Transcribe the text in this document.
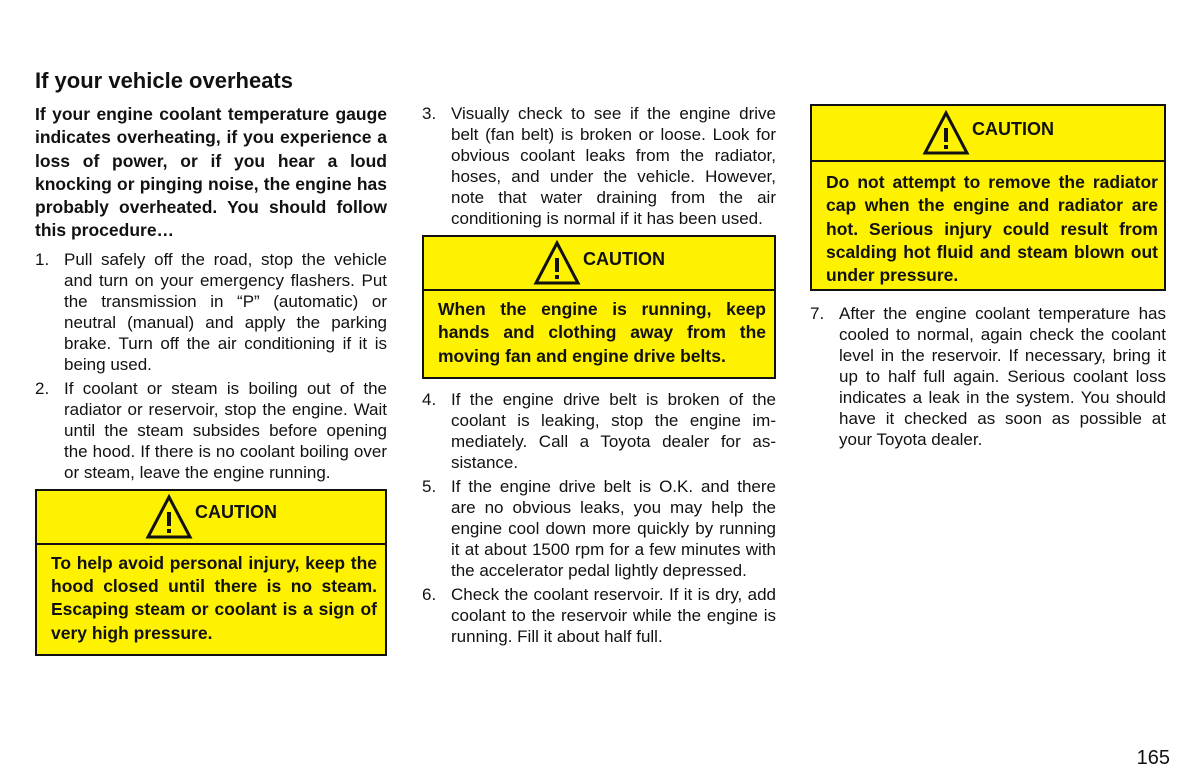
If your vehicle overheats

If your engine coolant temperature gauge indicates overheating, if you experience a loss of power, or if you hear a loud knocking or pinging noise, the engine has probably overheated. You should follow this procedure…

1. Pull safely off the road, stop the vehicle and turn on your emergency flashers. Put the transmission in “P” (automatic) or neutral (manual) and apply the parking brake. Turn off the air conditioning if it is being used.
2. If coolant or steam is boiling out of the radiator or reservoir, stop the engine. Wait until the steam subsides before opening the hood. If there is no coolant boiling over or steam, leave the engine running.
CAUTION
To help avoid personal injury, keep the hood closed until there is no steam. Escaping steam or coolant is a sign of very high pressure.
3. Visually check to see if the engine drive belt (fan belt) is broken or loose. Look for obvious coolant leaks from the radiator, hoses, and under the vehicle. However, note that water draining from the air conditioning is normal if it has been used.
CAUTION
When the engine is running, keep hands and clothing away from the moving fan and engine drive belts.
4. If the engine drive belt is broken of the coolant is leaking, stop the engine immediately. Call a Toyota dealer for assistance.
5. If the engine drive belt is O.K. and there are no obvious leaks, you may help the engine cool down more quickly by running it at about 1500 rpm for a few minutes with the accelerator pedal lightly depressed.
6. Check the coolant reservoir. If it is dry, add coolant to the reservoir while the engine is running. Fill it about half full.
CAUTION
Do not attempt to remove the radiator cap when the engine and radiator are hot. Serious injury could result from scalding hot fluid and steam blown out under pressure.
7. After the engine coolant temperature has cooled to normal, again check the coolant level in the reservoir. If necessary, bring it up to half full again. Serious coolant loss indicates a leak in the system. You should have it checked as soon as possible at your Toyota dealer.
165
